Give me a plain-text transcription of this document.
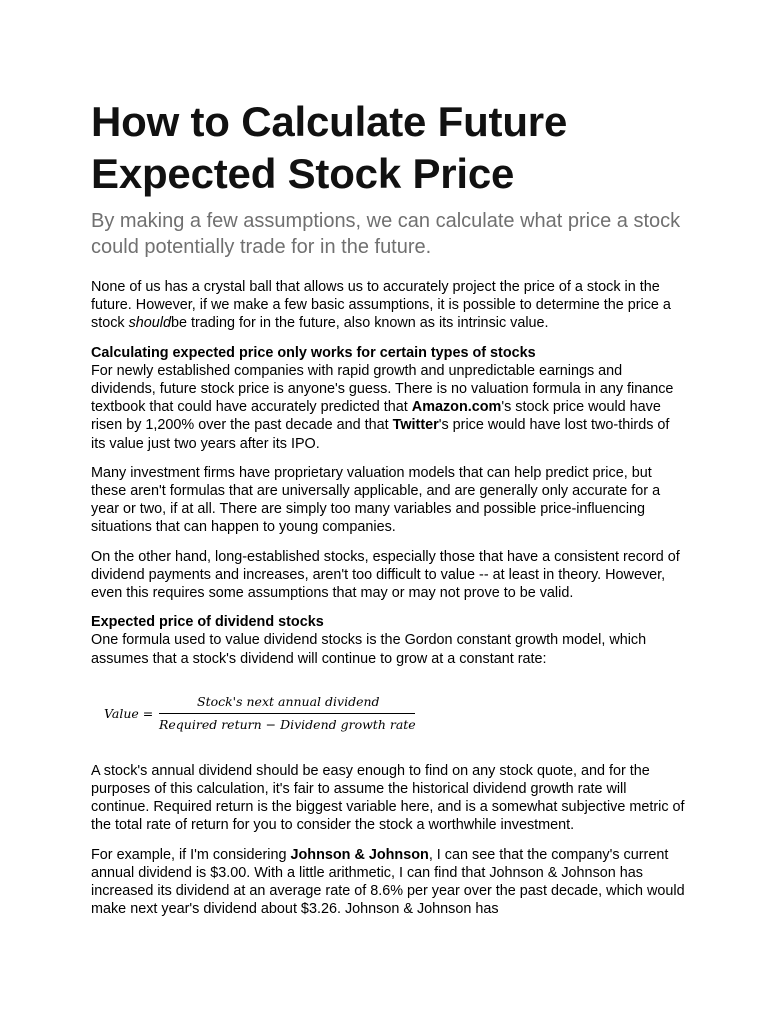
How to Calculate Future Expected Stock Price
By making a few assumptions, we can calculate what price a stock could potentially trade for in the future.

None of us has a crystal ball that allows us to accurately project the price of a stock in the future. However, if we make a few basic assumptions, it is possible to determine the price a stock shouldbe trading for in the future, also known as its intrinsic value.

Calculating expected price only works for certain types of stocks

For newly established companies with rapid growth and unpredictable earnings and dividends, future stock price is anyone's guess. There is no valuation formula in any finance textbook that could have accurately predicted that Amazon.com's stock price would have risen by 1,200% over the past decade and that Twitter's price would have lost two-thirds of its value just two years after its IPO.

Many investment firms have proprietary valuation models that can help predict price, but these aren't formulas that are universally applicable, and are generally only accurate for a year or two, if at all. There are simply too many variables and possible price-influencing situations that can happen to young companies.

On the other hand, long-established stocks, especially those that have a consistent record of dividend payments and increases, aren't too difficult to value -- at least in theory. However, even this requires some assumptions that may or may not prove to be valid.

Expected price of dividend stocks

One formula used to value dividend stocks is the Gordon constant growth model, which assumes that a stock's dividend will continue to grow at a constant rate:

Value =
Stock's next annual dividend
Required return − Dividend growth rate

A stock's annual dividend should be easy enough to find on any stock quote, and for the purposes of this calculation, it's fair to assume the historical dividend growth rate will continue. Required return is the biggest variable here, and is a somewhat subjective metric of the total rate of return for you to consider the stock a worthwhile investment.

For example, if I'm considering Johnson & Johnson, I can see that the company's current annual dividend is $3.00. With a little arithmetic, I can find that Johnson & Johnson has increased its dividend at an average rate of 8.6% per year over the past decade, which would make next year's dividend about $3.26. Johnson & Johnson has
